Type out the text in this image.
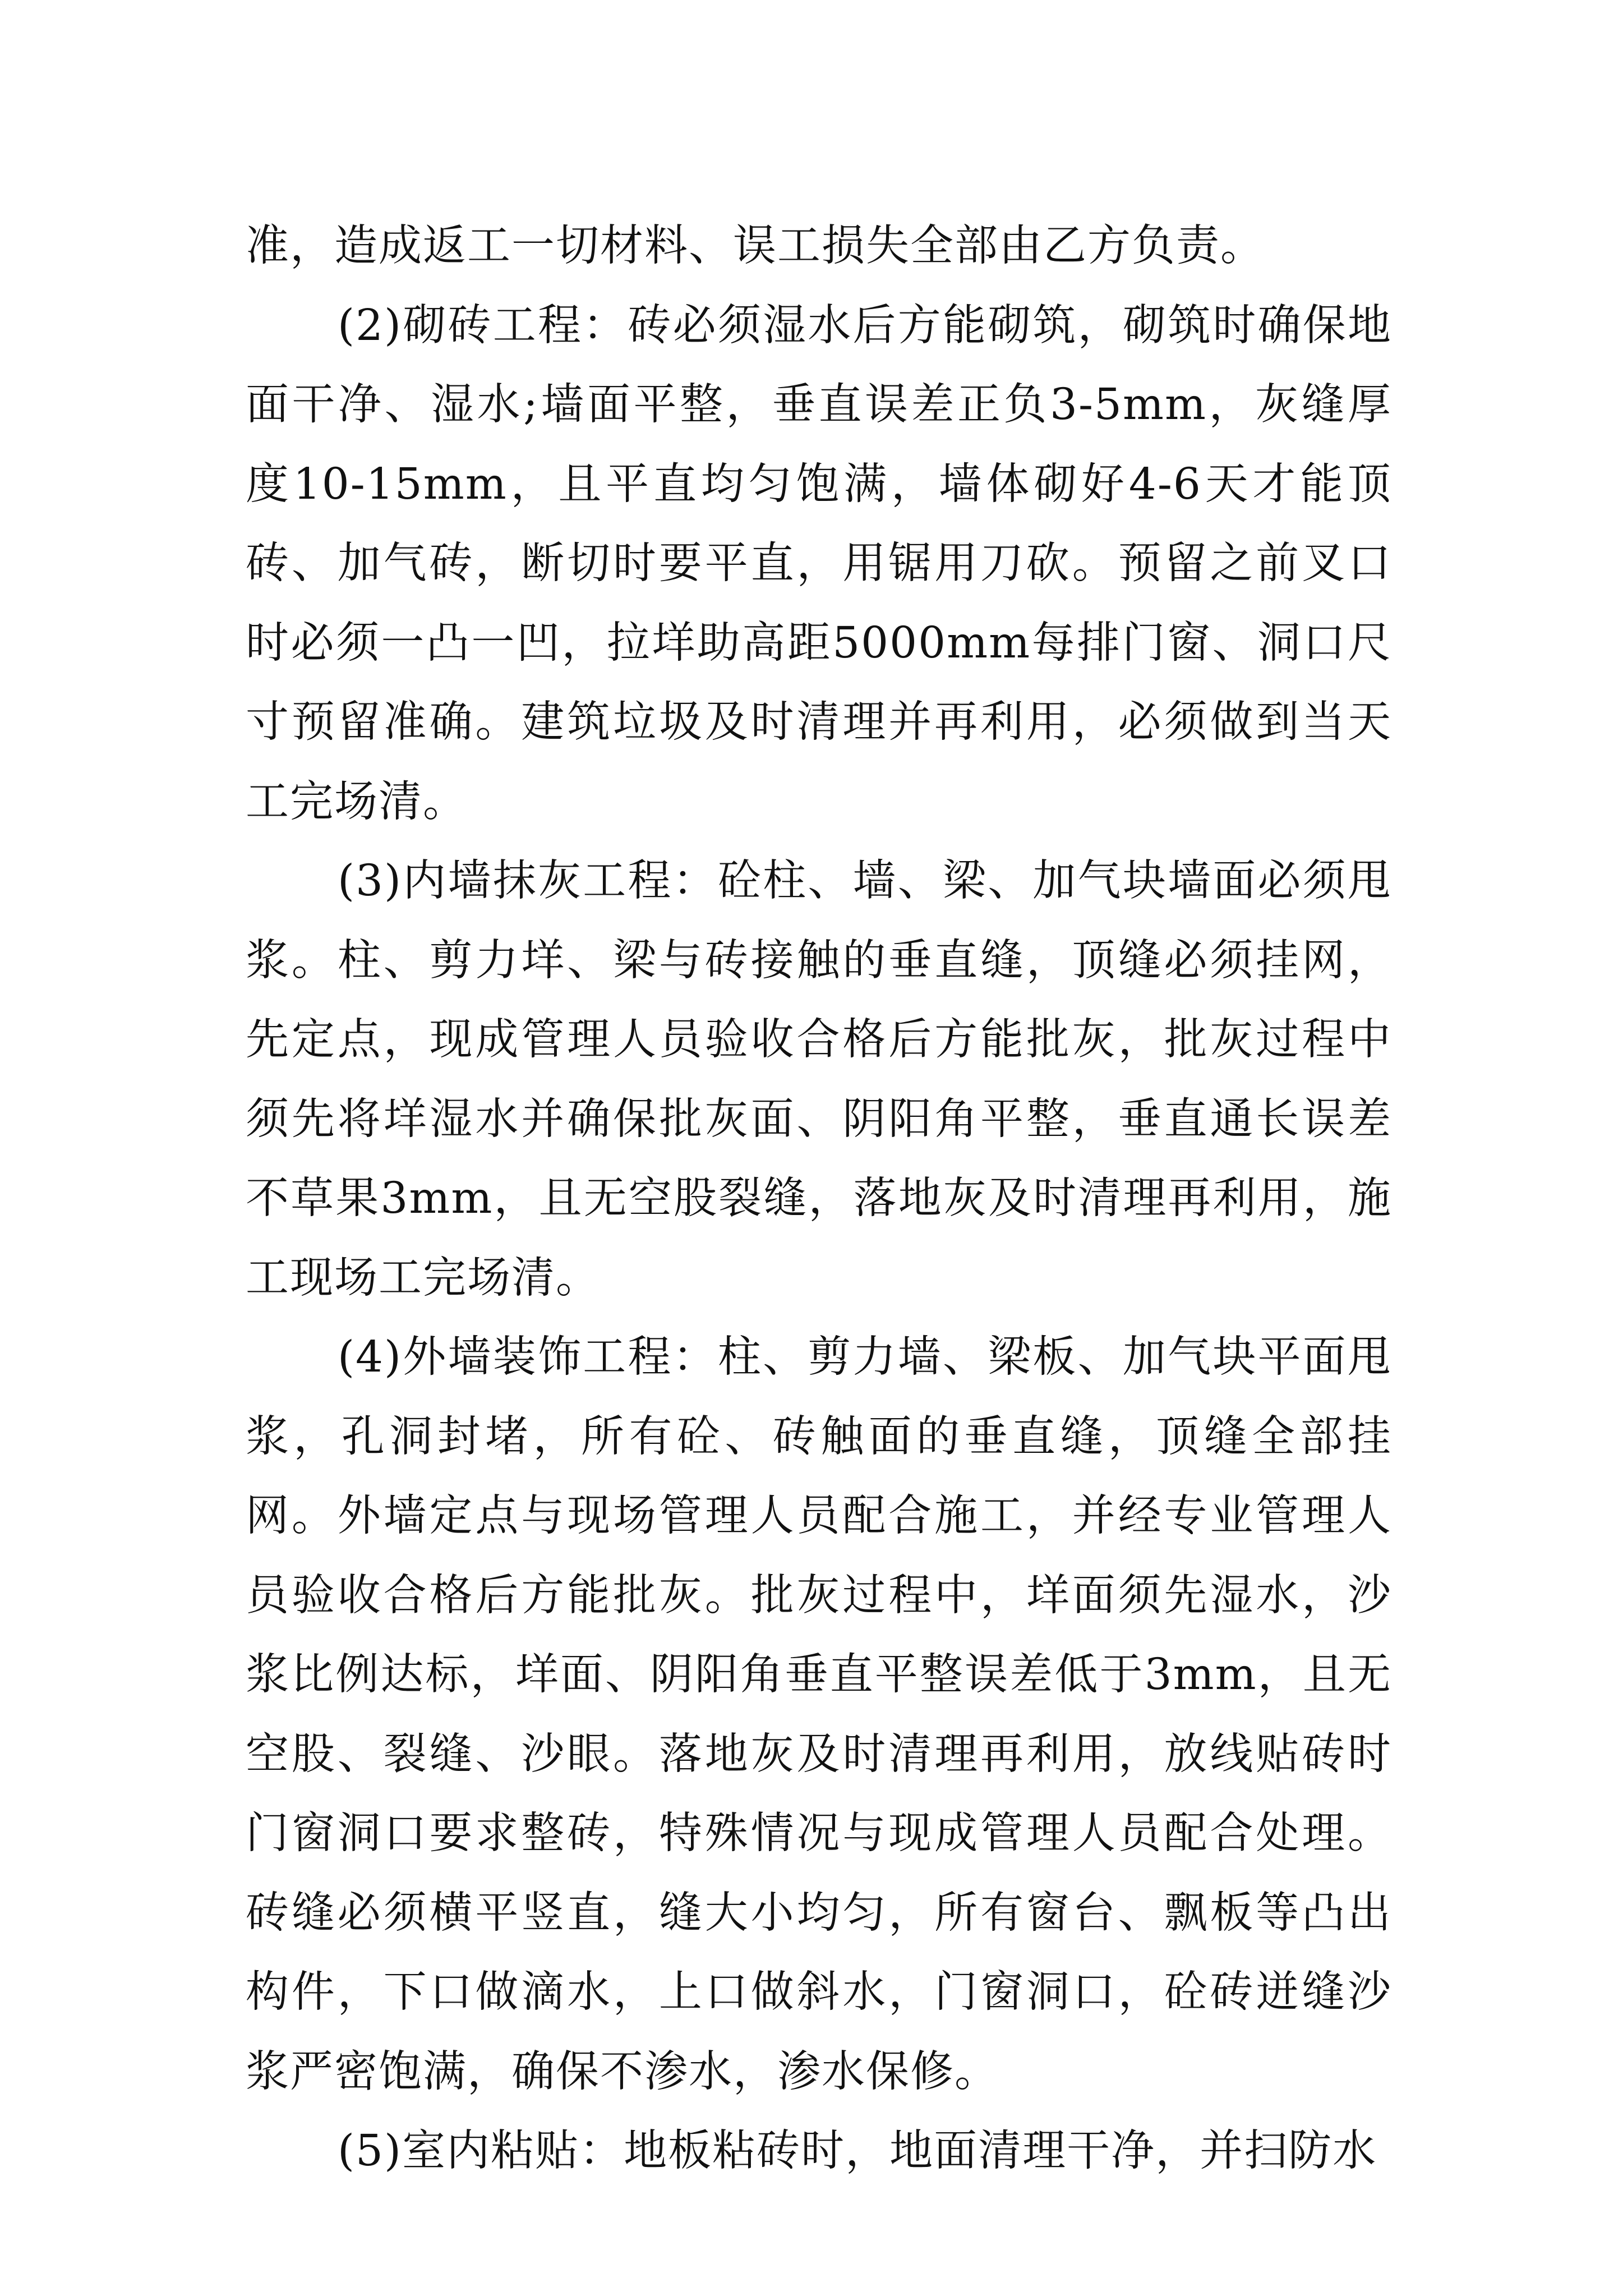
准，造成返工一切材料、误工损失全部由乙方负责。

(2)砌砖工程：砖必须湿水后方能砌筑，砌筑时确保地面干净、湿水;墙面平整，垂直误差正负3-5mm，灰缝厚度10-15mm，且平直均匀饱满，墙体砌好4-6天才能顶砖、加气砖，断切时要平直，用锯用刀砍。预留之前叉口时必须一凸一凹，拉垟助高距5000mm每排门窗、洞口尺寸预留准确。建筑垃圾及时清理并再利用，必须做到当天工完场清。

(3)内墙抹灰工程：砼柱、墙、梁、加气块墙面必须甩浆。柱、剪力垟、梁与砖接触的垂直缝，顶缝必须挂网，先定点，现成管理人员验收合格后方能批灰，批灰过程中须先将垟湿水并确保批灰面、阴阳角平整，垂直通长误差不草果3mm，且无空股裂缝，落地灰及时清理再利用，施工现场工完场清。

(4)外墙装饰工程：柱、剪力墙、梁板、加气块平面甩浆，孔洞封堵，所有砼、砖触面的垂直缝，顶缝全部挂网。外墙定点与现场管理人员配合施工，并经专业管理人员验收合格后方能批灰。批灰过程中，垟面须先湿水，沙浆比例达标，垟面、阴阳角垂直平整误差低于3mm，且无空股、裂缝、沙眼。落地灰及时清理再利用，放线贴砖时门窗洞口要求整砖，特殊情况与现成管理人员配合处理。砖缝必须横平竖直，缝大小均匀，所有窗台、飘板等凸出构件，下口做滴水，上口做斜水，门窗洞口，砼砖迸缝沙浆严密饱满，确保不渗水，渗水保修。

(5)室内粘贴：地板粘砖时，地面清理干净，并扫防水
